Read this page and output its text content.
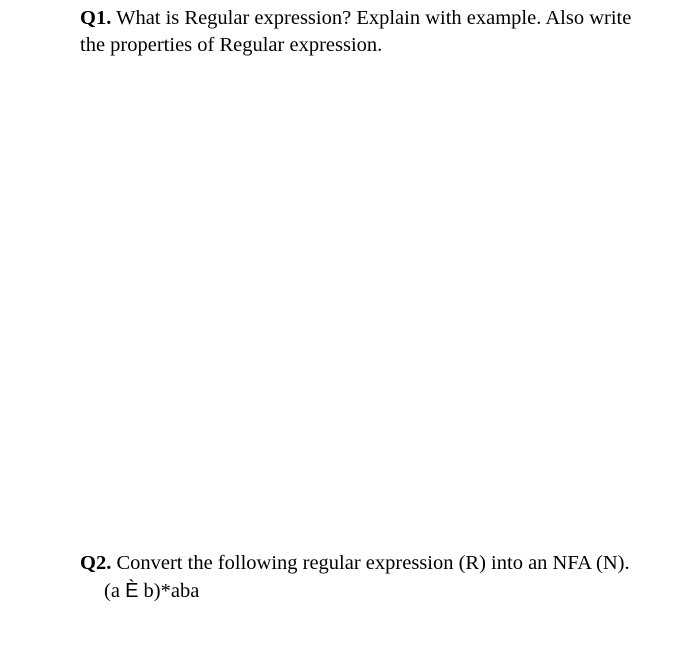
Q1. What is Regular expression? Explain with example. Also write the properties of Regular expression.
Q2. Convert the following regular expression (R) into an NFA (N).
(a È b)*aba
